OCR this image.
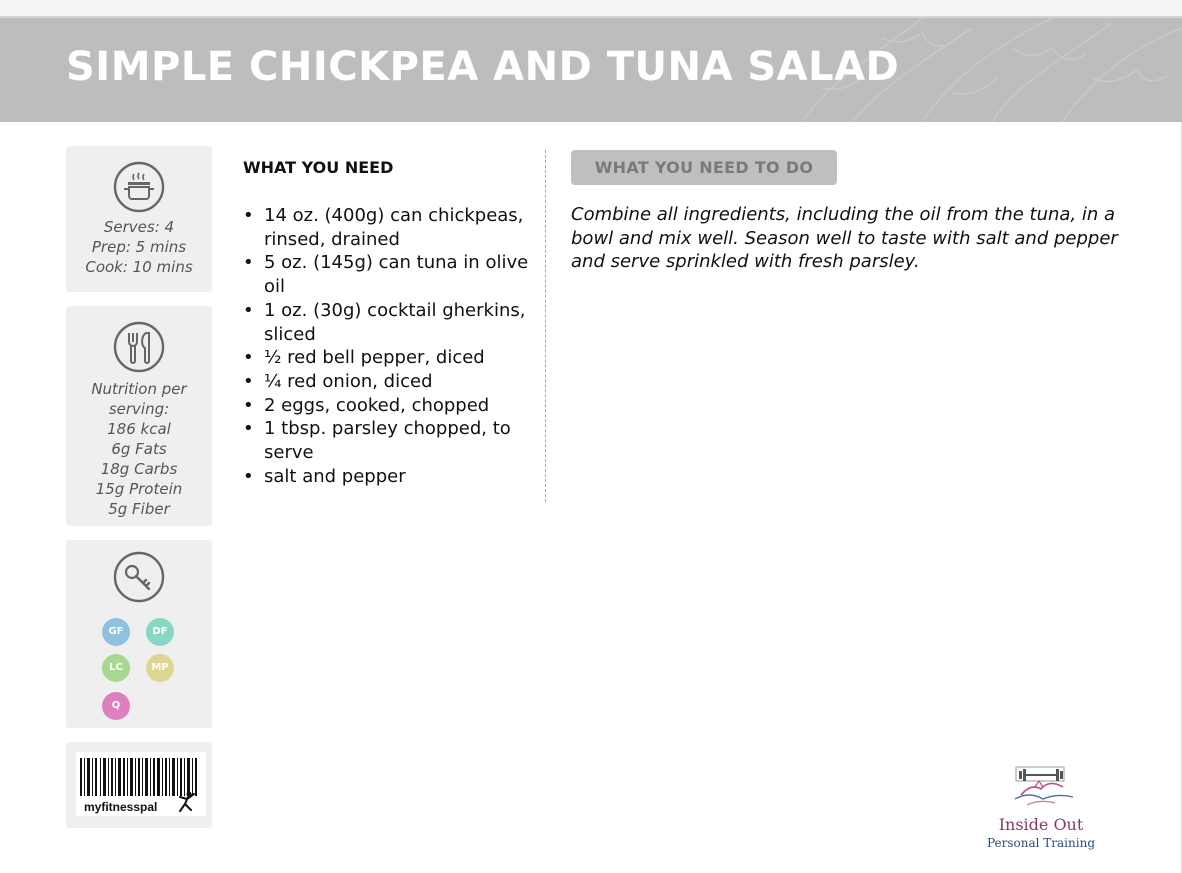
SIMPLE CHICKPEA AND TUNA SALAD
Serves: 4
Prep: 5 mins
Cook: 10 mins
Nutrition per
serving:
186 kcal
6g Fats
18g Carbs
15g Protein
5g Fiber
GF	DF
LC	MP
Q
myfitnesspal
WHAT YOU NEED
• 14 oz. (400g) can chickpeas, rinsed, drained
• 5 oz. (145g) can tuna in olive oil
• 1 oz. (30g) cocktail gherkins, sliced
• ½ red bell pepper, diced
• ¼ red onion, diced
• 2 eggs, cooked, chopped
• 1 tbsp. parsley chopped, to serve
• salt and pepper
WHAT YOU NEED TO DO

Combine all ingredients, including the oil from the tuna, in a bowl and mix well. Season well to taste with salt and pepper and serve sprinkled with fresh parsley.

Inside Out
Personal Training
